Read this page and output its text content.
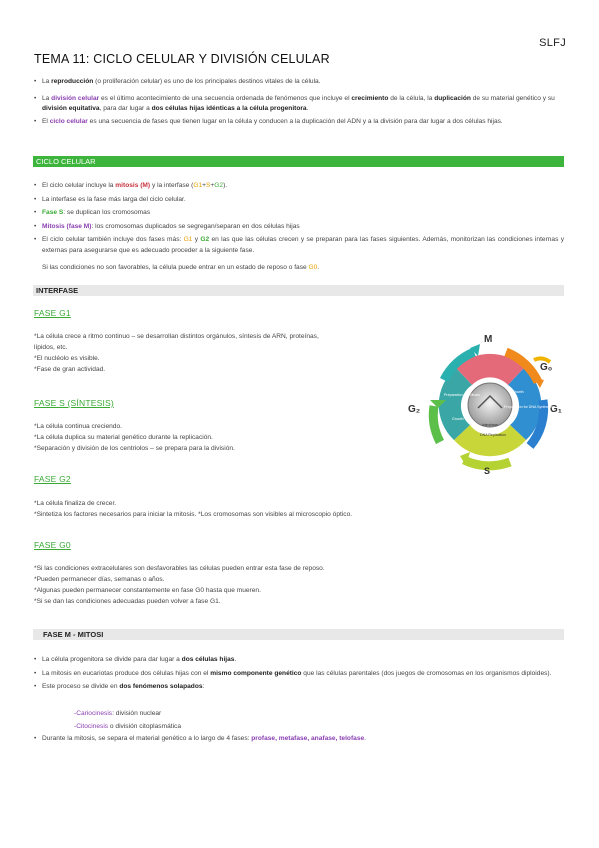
SLFJ
TEMA 11: CICLO CELULAR Y DIVISIÓN CELULAR
• La reproducción (o proliferación celular) es uno de los principales destinos vitales de la célula.
• La división celular es el último acontecimiento de una secuencia ordenada de fenómenos que incluye el crecimiento de la célula, la duplicación de su material genético y su división equitativa, para dar lugar a dos células hijas idénticas a la célula progenitora.
• El ciclo celular es una secuencia de fases que tienen lugar en la célula y conducen a la duplicación del ADN y a la división para dar lugar a dos células hijas.
CICLO CELULAR
• El ciclo celular incluye la mitosis (M) y la interfase (G1+S+G2).
• La interfase es la fase más larga del ciclo celular.
• Fase S: se duplican los cromosomas
• Mitosis (fase M): los cromosomas duplicados se segregan/separan en dos células hijas
• El ciclo celular también incluye dos fases más: G1 y G2 en las que las células crecen y se preparan para las fases siguientes. Además, monitorizan las condiciones internas y externas para asegurarse que es adecuado proceder a la siguiente fase.
Si las condiciones no son favorables, la célula puede entrar en un estado de reposo o fase G0.
INTERFASE
FASE G1
*La célula crece a ritmo continuo – se desarrollan distintos orgánulos, síntesis de ARN, proteínas,
lípidos, etc.
*El nucléolo es visible.
*Fase de gran actividad.
FASE S (SÍNTESIS)
*La célula continua creciendo.
*La célula duplica su material genético durante la replicación.
*Separación y división de los centriolos – se prepara para la división.
FASE G2
*La célula finaliza de crecer.
*Sintetiza los factores necesarios para iniciar la mitosis. *Los cromosomas son visibles al microscopio óptico.
FASE G0
*Si las condiciones extracelulares son desfavorables las células pueden entrar esta fase de reposo.
*Pueden permanecer días, semanas o años.
*Algunas pueden permanecer constantemente en fase G0 hasta que mueren.
*Si se dan las condiciones adecuadas pueden volver a fase G1.
M
G₀
G₁
G₂
S
Preparation for Mitosis
Growth
Growth
Preparation for DNA Synthesis
DNA Replication
Interphase
FASE M - MITOSI
• La célula progenitora se divide para dar lugar a dos células hijas.
• La mitosis en eucariotas produce dos células hijas con el mismo componente genético que las células parentales (dos juegos de cromosomas en los organismos diploides).
• Este proceso se divide en dos fenómenos solapados:
-Cariocinesis: división nuclear
-Citocinesis o división citoplasmática
• Durante la mitosis, se separa el material genético a lo largo de 4 fases: profase, metafase, anafase, telofase.
